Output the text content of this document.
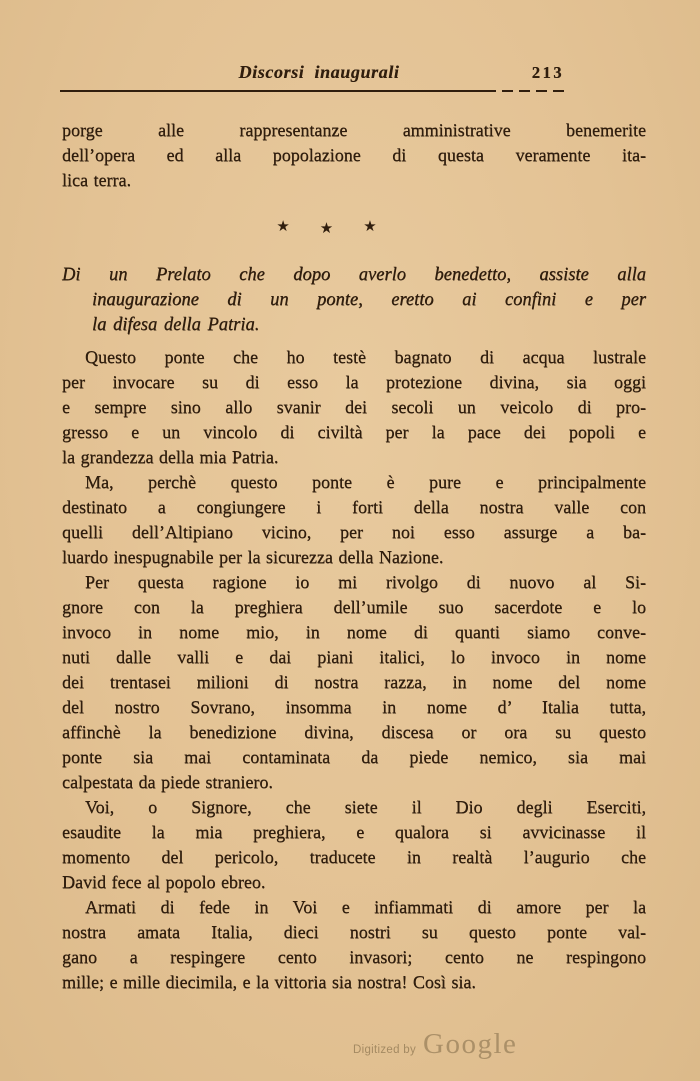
Discorsi inaugurali	213
porge alle rappresentanze amministrative benemerite
dell’opera ed alla popolazione di questa veramente ita-
lica terra.
★ ★ ★
Di un Prelato che dopo averlo benedetto, assiste alla
inaugurazione di un ponte, eretto ai confini e per
la difesa della Patria.
Questo ponte che ho testè bagnato di acqua lustrale
per invocare su di esso la protezione divina, sia oggi
e sempre sino allo svanir dei secoli un veicolo di pro-
gresso e un vincolo di civiltà per la pace dei popoli e
la grandezza della mia Patria.
Ma, perchè questo ponte è pure e principalmente
destinato a congiungere i forti della nostra valle con
quelli dell’Altipiano vicino, per noi esso assurge a ba-
luardo inespugnabile per la sicurezza della Nazione.
Per questa ragione io mi rivolgo di nuovo al Si-
gnore con la preghiera dell’umile suo sacerdote e lo
invoco in nome mio, in nome di quanti siamo conve-
nuti dalle valli e dai piani italici, lo invoco in nome
dei trentasei milioni di nostra razza, in nome del nome
del nostro Sovrano, insomma in nome d’ Italia tutta,
affinchè la benedizione divina, discesa or ora su questo
ponte sia mai contaminata da piede nemico, sia mai
calpestata da piede straniero.
Voi, o Signore, che siete il Dio degli Eserciti,
esaudite la mia preghiera, e qualora si avvicinasse il
momento del pericolo, traducete in realtà l’augurio che
David fece al popolo ebreo.
Armati di fede in Voi e infiammati di amore per la
nostra amata Italia, dieci nostri su questo ponte val-
gano a respingere cento invasori; cento ne respingono
mille; e mille diecimila, e la vittoria sia nostra! Così sia.
Digitized by Google
